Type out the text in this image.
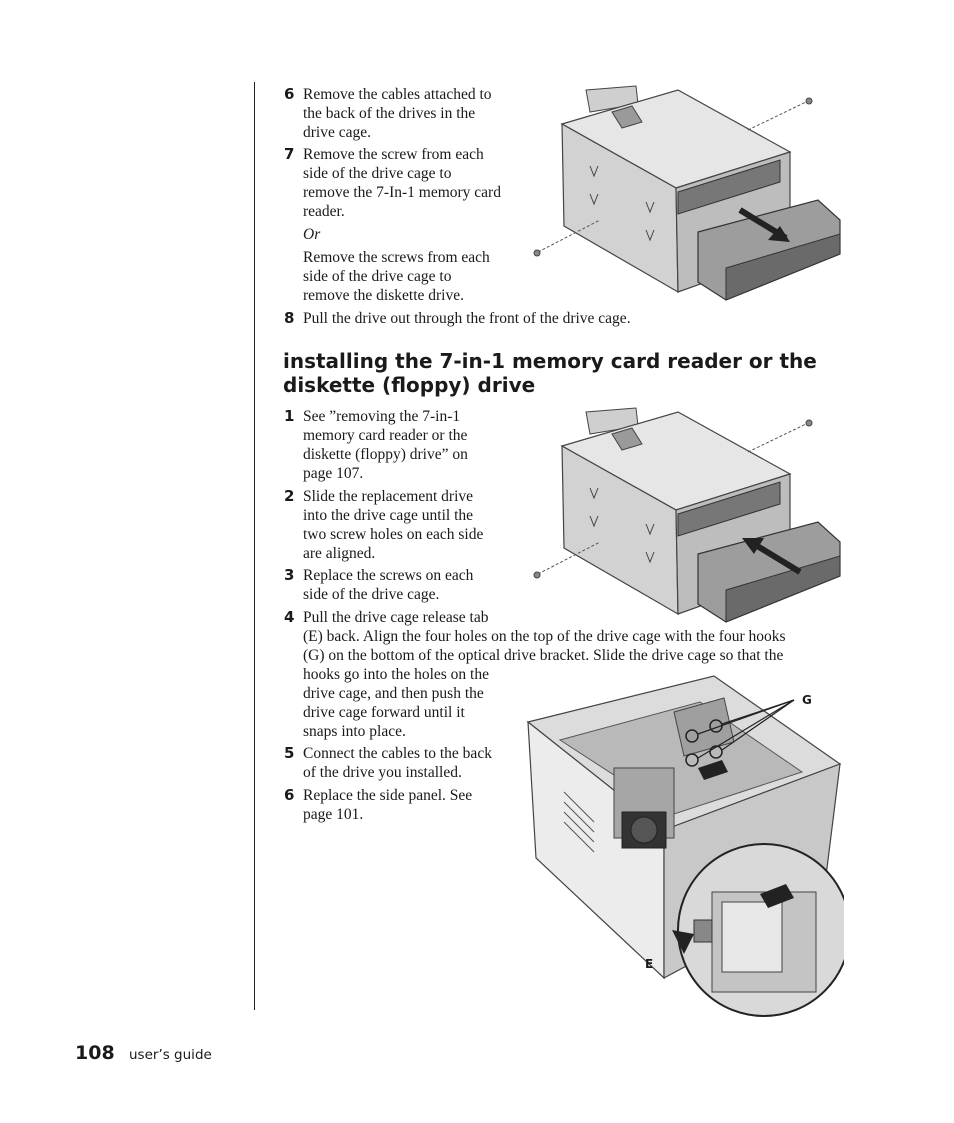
6 Remove the cables attached to
the back of the drives in the
drive cage.
7 Remove the screw from each
side of the drive cage to
remove the 7-In-1 memory card
reader.
Or
Remove the screws from each
side of the drive cage to
remove the diskette drive.
8 Pull the drive out through the front of the drive cage.
installing the 7-in-1 memory card reader or the
diskette (floppy) drive
1 See ”removing the 7-in-1
memory card reader or the
diskette (floppy) drive” on
page 107.
2 Slide the replacement drive
into the drive cage until the
two screw holes on each side
are aligned.
3 Replace the screws on each
side of the drive cage.
4 Pull the drive cage release tab
(E) back. Align the four holes on the top of the drive cage with the four hooks
(G) on the bottom of the optical drive bracket. Slide the drive cage so that the
hooks go into the holes on the
drive cage, and then push the
drive cage forward until it
snaps into place.
5 Connect the cables to the back
of the drive you installed.
6 Replace the side panel. See
page 101.
G
E
108 user’s guide
